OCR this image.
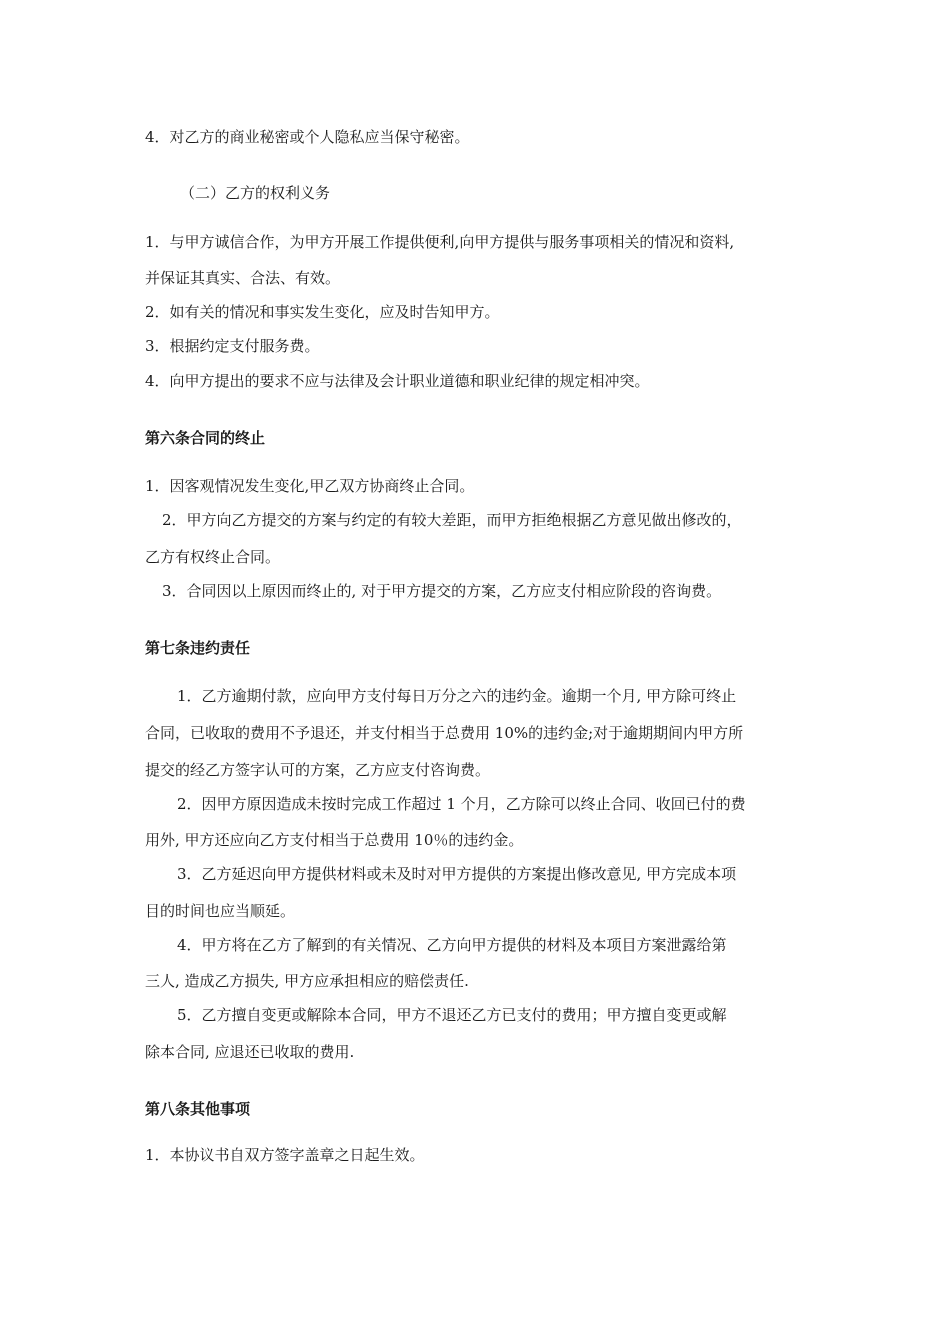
4．对乙方的商业秘密或个人隐私应当保守秘密。
（二）乙方的权利义务
1．与甲方诚信合作，为甲方开展工作提供便利,向甲方提供与服务事项相关的情况和资料,
并保证其真实、合法、有效。
2．如有关的情况和事实发生变化，应及时告知甲方。
3．根据约定支付服务费。
4．向甲方提出的要求不应与法律及会计职业道德和职业纪律的规定相冲突。
第六条合同的终止
1．因客观情况发生变化,甲乙双方协商终止合同。
2．甲方向乙方提交的方案与约定的有较大差距，而甲方拒绝根据乙方意见做出修改的，
乙方有权终止合同。
3．合同因以上原因而终止的, 对于甲方提交的方案，乙方应支付相应阶段的咨询费。
第七条违约责任
1．乙方逾期付款，应向甲方支付每日万分之六的违约金。逾期一个月, 甲方除可终止
合同，已收取的费用不予退还，并支付相当于总费用 10%的违约金;对于逾期期间内甲方所
提交的经乙方签字认可的方案，乙方应支付咨询费。
2．因甲方原因造成未按时完成工作超过 1 个月，乙方除可以终止合同、收回已付的费
用外, 甲方还应向乙方支付相当于总费用 10％的违约金。
3．乙方延迟向甲方提供材料或未及时对甲方提供的方案提出修改意见, 甲方完成本项
目的时间也应当顺延。
4．甲方将在乙方了解到的有关情况、乙方向甲方提供的材料及本项目方案泄露给第
三人, 造成乙方损失, 甲方应承担相应的赔偿责任.
5．乙方擅自变更或解除本合同，甲方不退还乙方已支付的费用；甲方擅自变更或解
除本合同, 应退还已收取的费用.
第八条其他事项
1．本协议书自双方签字盖章之日起生效。
